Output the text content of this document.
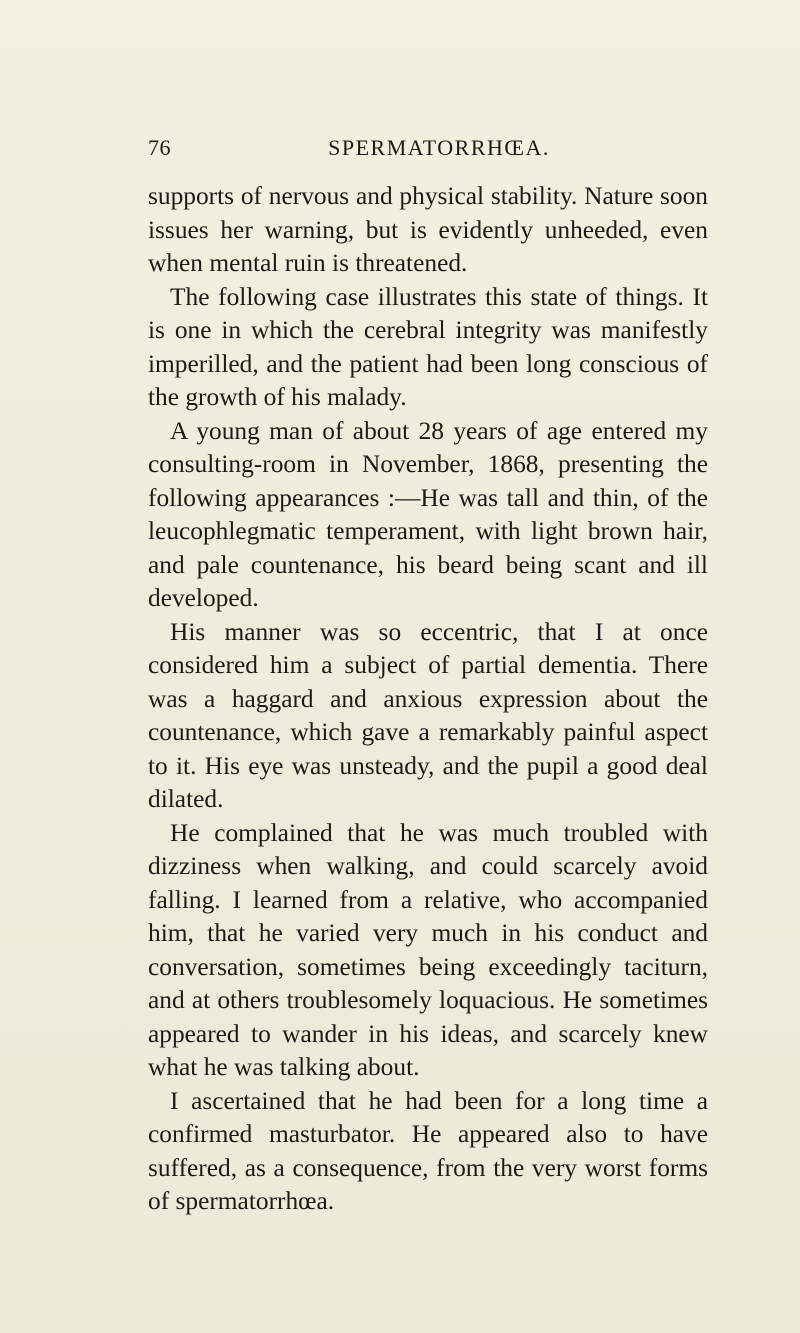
76	SPERMATORRHŒA.

supports of nervous and physical stability. Nature soon issues her warning, but is evidently unheeded, even when mental ruin is threatened.

The following case illustrates this state of things. It is one in which the cerebral integrity was manifestly imperilled, and the patient had been long conscious of the growth of his malady.

A young man of about 28 years of age entered my consulting-room in November, 1868, presenting the following appearances :—He was tall and thin, of the leucophlegmatic temperament, with light brown hair, and pale countenance, his beard being scant and ill developed.

His manner was so eccentric, that I at once considered him a subject of partial dementia. There was a haggard and anxious expression about the countenance, which gave a remarkably painful aspect to it. His eye was unsteady, and the pupil a good deal dilated.

He complained that he was much troubled with dizziness when walking, and could scarcely avoid falling. I learned from a relative, who accompanied him, that he varied very much in his conduct and conversation, sometimes being exceedingly taciturn, and at others troublesomely loquacious. He sometimes appeared to wander in his ideas, and scarcely knew what he was talking about.

I ascertained that he had been for a long time a confirmed masturbator. He appeared also to have suffered, as a consequence, from the very worst forms of spermatorrhœa.
